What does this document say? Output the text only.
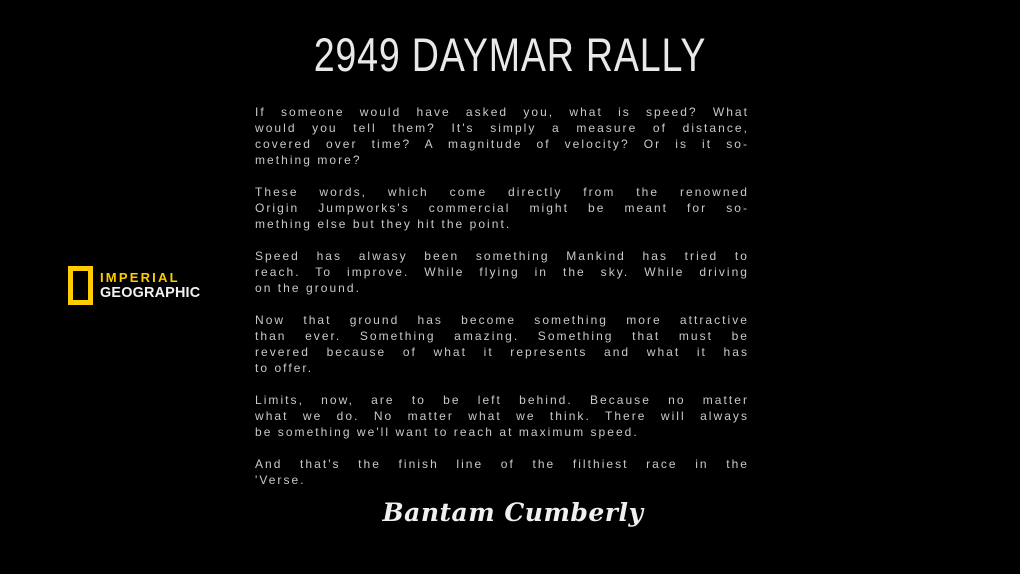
2949 DAYMAR RALLY
IMPERIAL
GEOGRAPHIC
If someone would have asked you, what is speed? What
would you tell them? It's simply a measure of distance,
covered over time? A magnitude of velocity? Or is it so-
mething more?
These words, which come directly from the renowned
Origin Jumpworks's commercial might be meant for so-
mething else but they hit the point.
Speed has alwasy been something Mankind has tried to
reach. To improve. While flying in the sky. While driving
on the ground.
Now that ground has become something more attractive
than ever. Something amazing. Something that must be
revered because of what it represents and what it has
to offer.
Limits, now, are to be left behind. Because no matter
what we do. No matter what we think. There will always
be something we'll want to reach at maximum speed.
And that's the finish line of the filthiest race in the
'Verse.
Bantam Cumberly
